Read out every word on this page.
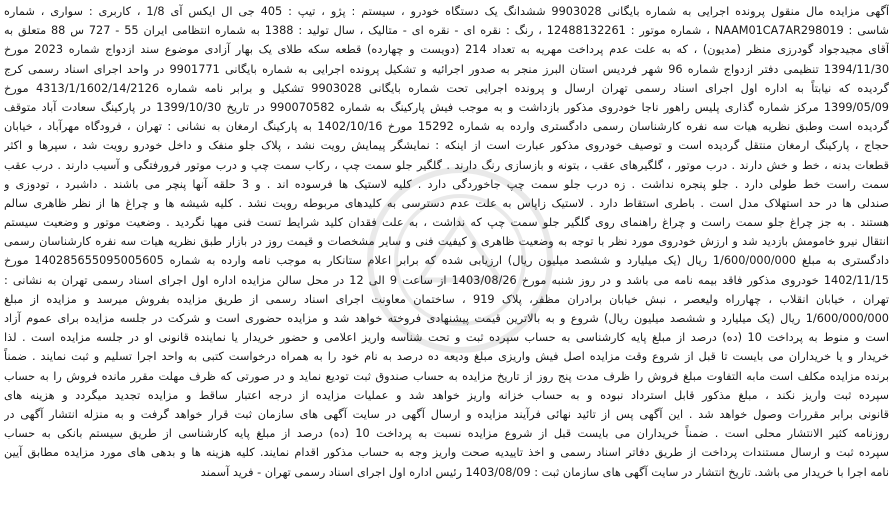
آگهی مزایده مال منقول پرونده اجرایی به شماره بایگانی 9903028 ششدانگ یک دستگاه خودرو ، سیستم : پژو ، تیپ : 405 جی ال ایکس آی 1/8 ، کاربری : سواری ، شماره
شاسی : NAAM01CA7AR298019 ، شماره موتور : 12488132261 ، رنگ : نقره ای - نقره ای - متالیک ، سال تولید : 1388 به شماره انتظامی ایران 55 - 727 س 88 متعلق به
آقای مجیدجواد گودرزی منظر (مدیون) ، که به علت عدم پرداخت مهریه به تعداد 214 (دویست و چهارده) قطعه سکه طلای یک بهار آزادی موضوع سند ازدواج شماره 2023 مورخ
1394/11/30 تنظیمی دفتر ازدواج شماره 96 شهر فردیس استان البرز منجر به صدور اجرائیه و تشکیل پرونده اجرایی به شماره بایگانی 9901771 در واحد اجرای اسناد رسمی کرج
گردیده که نیابتاً به اداره اول اجرای اسناد رسمی تهران ارسال و پرونده اجرایی تحت شماره بایگانی 9903028 تشکیل و برابر نامه شماره 4313/1/1602/14/2126 مورخ
1399/05/09 مرکز شماره گذاری پلیس راهور ناجا خودروی مذکور بازداشت و به موجب فیش پارکینگ به شماره 990070582 در تاریخ 1399/10/30 در پارکینگ سعادت آباد متوقف
گردیده است وطبق نظریه هیات سه نفره کارشناسان رسمی دادگستری وارده به شماره 15292 مورخ 1402/10/16 به پارکینگ ارمغان به نشانی : تهران ، فرودگاه مهرآباد ، خیابان
حجاج ، پارکینگ ارمغان منتقل گردیده است و توصیف خودروی مذکور عبارت است از اینکه : نمایشگر پیمایش رویت نشد ، پلاک جلو منفک و داخل خودرو رویت شد ، سپرها و اکثر
قطعات بدنه ، خط و خش دارند . درب موتور ، گلگیرهای عقب ، بتونه و بازسازی رنگ دارند . گلگیر جلو سمت چپ ، رکاب سمت چپ و درب موتور فرورفتگی و آسیب دارند . درب عقب
سمت راست خط طولی دارد . جلو پنجره نداشت . زه درب جلو سمت چپ جاخوردگی دارد . کلیه لاستیک ها فرسوده اند . و 3 حلقه آنها پنچر می باشند . داشبرد ، تودوزی و
صندلی ها در حد استهلاک مدل است . باطری استقاط دارد . لاستیک زاپاس به علت عدم دسترسی به کلیدهای مربوطه رویت نشد . کلیه شیشه ها و چراغ ها از نظر ظاهری سالم
هستند . به جز چراغ جلو سمت راست و چراغ راهنمای روی گلگیر جلو سمت چپ که نداشت ، به علت فقدان کلید شرایط تست فنی مهیا نگردید . وضعیت موتور و وضعیت سیستم
انتقال نیرو خامومش بازدید شد و ارزش خودروی مورد نظر با توجه به وضعیت ظاهری و کیفیت فنی و سایر مشخصات و قیمت روز در بازار طبق نظریه هیات سه نفره کارشناسان رسمی
دادگستری به مبلغ 1/600/000/000 ریال (یک میلیارد و ششصد میلیون ریال) ارزیابی شده که برابر اعلام ستانکار به موجب نامه وارده به شماره 140285655095005605 مورخ
1402/11/15 خودروی مذکور فاقد بیمه نامه می باشد و در روز شنبه مورخ 1403/08/26 از ساعت 9 الی 12 در محل سالن مزایده اداره اول اجرای اسناد رسمی تهران به نشانی :
تهران ، خیابان انقلاب ، چهارراه ولیعصر ، نبش خیابان برادران مظفر، پلاک 919 ، ساختمان معاونت اجرای اسناد رسمی از طریق مزایده بفروش میرسد و مزایده از مبلغ
1/600/000/000 ریال (یک میلیارد و ششصد میلیون ریال) شروع و به بالاترین قیمت پیشنهادی فروخته خواهد شد و مزایده حضوری است و شرکت در جلسه مزایده برای عموم آزاد
است و منوط به پرداخت 10 (ده) درصد از مبلغ پایه کارشناسی به حساب سپرده ثبت و تحت شناسه واریز اعلامی و حضور خریدار یا نماینده قانونی او در جلسه مزایده است . لذا
خریدار و یا خریداران می بایست تا قبل از شروع وقت مزایده اصل فیش واریزی مبلغ ودیعه ده درصد به نام خود را به همراه درخواست کتبی به واحد اجرا تسلیم و ثبت نمایند . ضمناً
برنده مزایده مکلف است مابه التفاوت مبلغ فروش را ظرف مدت پنج روز از تاریخ مزایده به حساب صندوق ثبت تودیع نماید و در صورتی که ظرف مهلت مقرر مانده فروش را به حساب
سپرده ثبت واریز نکند ، مبلغ مذکور قابل استرداد نبوده و به حساب خزانه واریز خواهد شد و عملیات مزایده از درجه اعتبار ساقط و مزایده تجدید میگردد و هزینه های
قانونی برابر مقررات وصول خواهد شد . این آگهی پس از تائید نهائی فرآیند مزایده و ارسال آگهی در سایت آگهی های سازمان ثبت قرار خواهد گرفت و به منزله انتشار آگهی در
روزنامه کثیر الانتشار محلی است . ضمناً خریداران می بایست قبل از شروع مزایده نسبت به پرداخت 10 (ده) درصد از مبلغ پایه کارشناسی از طریق سیستم بانکی به حساب
سپرده ثبت و ارسال مستندات پرداخت از طریق دفاتر اسناد رسمی و اخذ تاییدیه صحت واریز وجه به حساب مذکور اقدام نمایند. کلیه هزینه ها و بدهی های مورد مزایده مطابق آیین
نامه اجرا با خریدار می باشد. تاریخ انتشار در سایت آگهی های سازمان ثبت : 1403/08/09 رئیس اداره اول اجرای اسناد رسمی تهران - فرید آسمند
